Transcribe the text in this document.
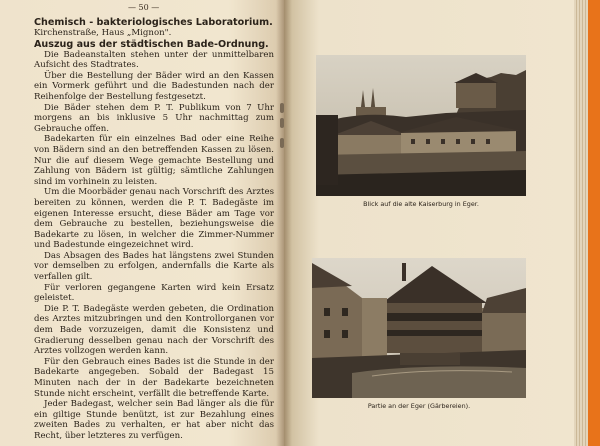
— 50 —

Chemisch - bakteriologisches Laboratorium.

Kirchenstraße, Haus „Mignon".

Auszug aus der städtischen Bade-Ordnung.

Die Badeanstalten stehen unter der unmittelbaren Aufsicht des Stadtrates.

Über die Bestellung der Bäder wird an den Kassen ein Vormerk geführt und die Badestunden nach der Reihenfolge der Bestellung festgesetzt.

Die Bäder stehen dem P. T. Publikum von 7 Uhr morgens an bis inklusive 5 Uhr nachmittag zum Gebrauche offen.

Badekarten für ein einzelnes Bad oder eine Reihe von Bädern sind an den betreffenden Kassen zu lösen. Nur die auf diesem Wege gemachte Bestellung und Zahlung von Bädern ist gültig; sämtliche Zahlungen sind im vorhinein zu leisten.

Um die Moorbäder genau nach Vorschrift des Arztes bereiten zu können, werden die P. T. Badegäste im eigenen Interesse ersucht, diese Bäder am Tage vor dem Gebrauche zu bestellen, beziehungsweise die Badekarte zu lösen, in welcher die Zimmer-Nummer und Badestunde eingezeichnet wird.

Das Absagen des Bades hat längstens zwei Stunden vor demselben zu erfolgen, andernfalls die Karte als verfallen gilt.

Für verloren gegangene Karten wird kein Ersatz geleistet.

Die P. T. Badegäste werden gebeten, die Ordination des Arztes mitzubringen und den Kontrollorganen vor dem Bade vorzuzeigen, damit die Konsistenz und Gradierung desselben genau nach der Vorschrift des Arztes vollzogen werden kann.

Für den Gebrauch eines Bades ist die Stunde in der Badekarte angegeben. Sobald der Badegast 15 Minuten nach der in der Badekarte bezeichneten Stunde nicht erscheint, verfällt die betreffende Karte.

Jeder Badegast, welcher sein Bad länger als die für ein giltige Stunde benützt, ist zur Bezahlung eines zweiten Bades zu verhalten, er hat aber nicht das Recht, über letzteres zu verfügen.

Blick auf die alte Kaiserburg in Eger.
Partie an der Eger (Gärbereien).
